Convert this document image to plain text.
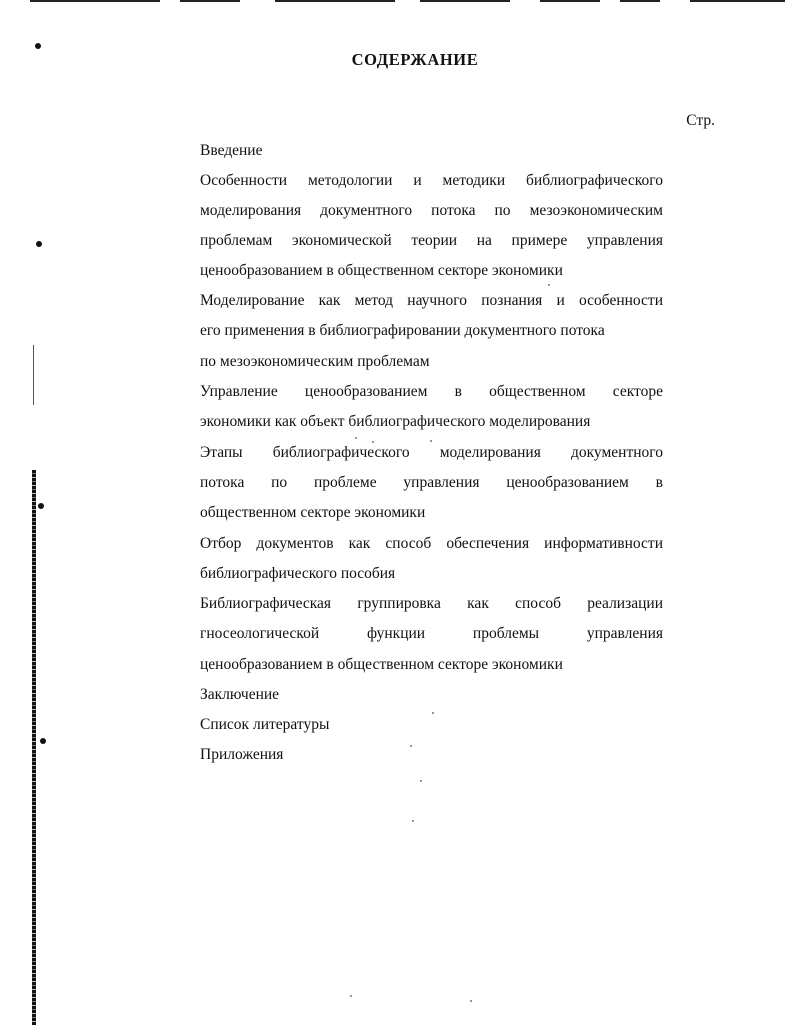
СОДЕРЖАНИЕ
Стр.
Введение
Особенности методологии и методики библиографического
моделирования документного потока по мезоэкономическим
проблемам экономической теории на примере управления
ценообразованием в общественном секторе экономики
Моделирование как метод научного познания и особенности
его применения в библиографировании документного потока
по мезоэкономическим проблемам
Управление ценообразованием в общественном секторе
экономики как объект библиографического моделирования
Этапы библиографического моделирования документного
потока по проблеме управления ценообразованием в
общественном секторе экономики
Отбор документов как способ обеспечения информативности
библиографического пособия
Библиографическая группировка как способ реализации
гносеологической функции проблемы управления
ценообразованием в общественном секторе экономики
Заключение
Список литературы
Приложения
